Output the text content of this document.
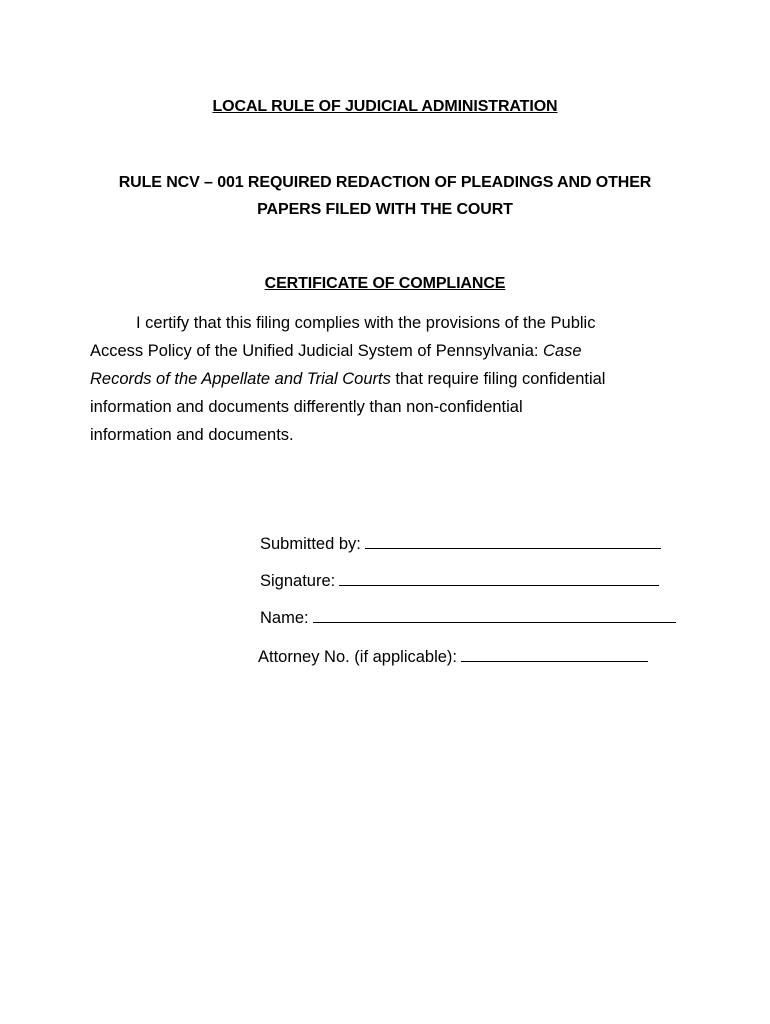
LOCAL RULE OF JUDICIAL ADMINISTRATION
RULE NCV – 001 REQUIRED REDACTION OF PLEADINGS AND OTHER
PAPERS FILED WITH THE COURT
CERTIFICATE OF COMPLIANCE
I certify that this filing complies with the provisions of the Public
Access Policy of the Unified Judicial System of Pennsylvania: Case
Records of the Appellate and Trial Courts that require filing confidential
information and documents differently than non-confidential
information and documents.
Submitted by:
Signature:
Name:
Attorney No. (if applicable):
